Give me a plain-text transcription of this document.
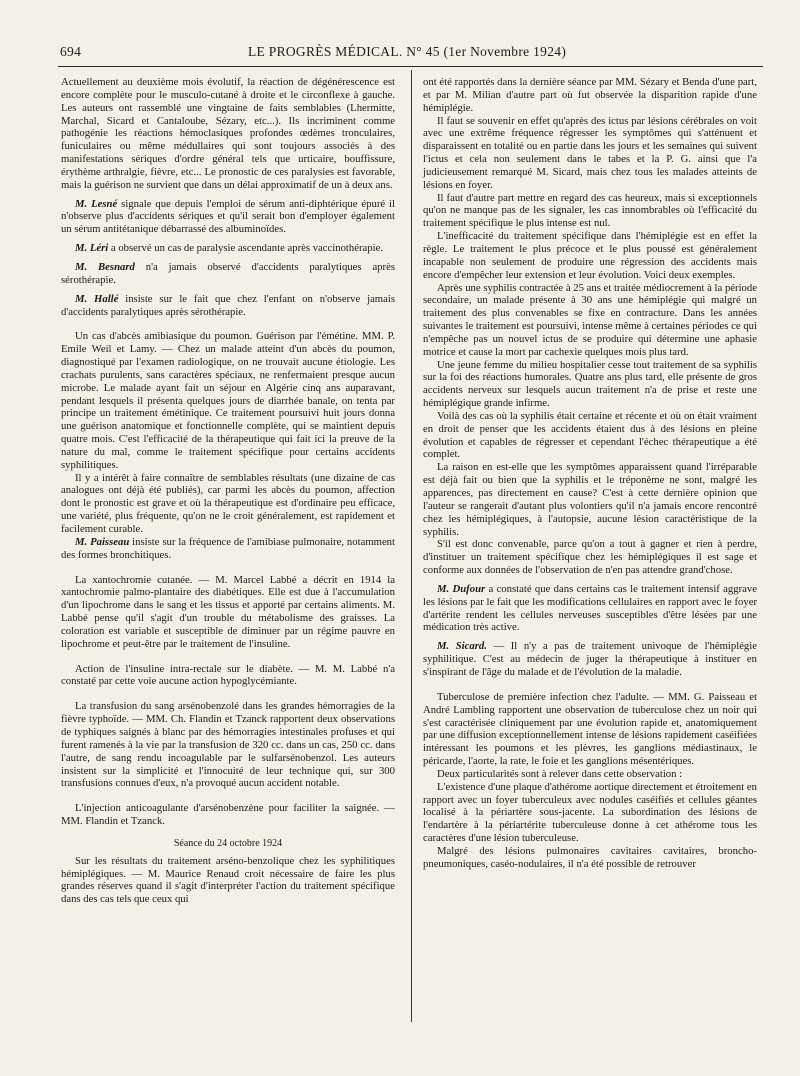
694	LE PROGRÈS MÉDICAL. N° 45 (1er Novembre 1924)

Actuellement au deuxième mois évolutif, la réaction de dégénérescence est encore complète pour le musculo-cutané à droite et le circonflexe à gauche. Les auteurs ont rassemblé une vingtaine de faits semblables (Lhermitte, Marchal, Sicard et Cantaloube, Sézary, etc...). Ils incriminent comme pathogénie les réactions hémoclasiques profondes œdèmes tronculaires, funiculaires ou même médullaires qui sont toujours associés à des manifestations sériques d'ordre général tels que urticaire, bouffissure, érythème arthralgie, fièvre, etc... Le pronostic de ces paralysies est favorable, mais la guérison ne survient que dans un délai approximatif de un à deux ans.

M. Lesné signale que depuis l'emploi de sérum anti-diphtérique épuré il n'observe plus d'accidents sériques et qu'il serait bon d'employer également un sérum antitétanique débarrassé des albuminoïdes.

M. Léri a observé un cas de paralysie ascendante après vaccinothérapie.

M. Besnard n'a jamais observé d'accidents paralytiques après sérothérapie.

M. Hallé insiste sur le fait que chez l'enfant on n'observe jamais d'accidents paralytiques après sérothérapie.

Un cas d'abcès amibiasique du poumon. Guérison par l'émétine. MM. P. Emile Weil et Lamy. — Chez un malade atteint d'un abcès du poumon, diagnostiqué par l'examen radiologique, on ne trouvait aucune étiologie. Les crachats purulents, sans caractères spéciaux, ne renfermaient presque aucun microbe. Le malade ayant fait un séjour en Algérie cinq ans auparavant, pendant lesquels il présenta quelques jours de diarrhée banale, on tenta par principe un traitement émétinique. Ce traitement poursuivi huit jours donna une guérison anatomique et fonctionnelle complète, qui se maintient depuis quatre mois. C'est l'efficacité de la thérapeutique qui fait ici la preuve de la nature du mal, comme le traitement spécifique pour certains accidents syphilitiques.

Il y a intérêt à faire connaître de semblables résultats (une dizaine de cas analogues ont déjà été publiés), car parmi les abcès du poumon, affection dont le pronostic est grave et où la thérapeutique est d'ordinaire peu efficace, une variété, plus fréquente, qu'on ne le croit généralement, est rapidement et facilement curable.

M. Paisseau insiste sur la fréquence de l'amibiase pulmonaire, notamment des formes bronchitiques.

La xantochromie cutanée. — M. Marcel Labbé a décrit en 1914 la xantochromie palmo-plantaire des diabétiques. Elle est due à l'accumulation d'un lipochrome dans le sang et les tissus et apporté par certains aliments. M. Labbé pense qu'il s'agit d'un trouble du métabolisme des graisses. La coloration est variable et susceptible de diminuer par un régime pauvre en lipochrome et peut-être par le traitement de l'insuline.

Action de l'insuline intra-rectale sur le diabète. — M. M. Labbé n'a constaté par cette voie aucune action hypoglycémiante.

La transfusion du sang arsénobenzolé dans les grandes hémorragies de la fièvre typhoïde. — MM. Ch. Flandin et Tzanck rapportent deux observations de typhiques saignés à blanc par des hémorragies intestinales profuses et qui furent ramenés à la vie par la transfusion de 320 cc. dans un cas, 250 cc. dans l'autre, de sang rendu incoagulable par le sulfarsénobenzol. Les auteurs insistent sur la simplicité et l'innocuité de leur technique qui, sur 300 transfusions connues d'eux, n'a provoqué aucun accident notable.

L'injection anticoagulante d'arsénobenzène pour faciliter la saignée. — MM. Flandin et Tzanck.

Séance du 24 octobre 1924

Sur les résultats du traitement arséno-benzolique chez les syphilitiques hémiplégiques. — M. Maurice Renaud croit nécessaire de faire les plus grandes réserves quand il s'agit d'interpréter l'action du traitement spécifique dans des cas tels que ceux qui

ont été rapportés dans la dernière séance par MM. Sézary et Benda d'une part, et par M. Milian d'autre part où fut observée la disparition rapide d'une hémiplégie.

Il faut se souvenir en effet qu'après des ictus par lésions cérébrales on voit avec une extrême fréquence régresser les symptômes qui s'atténuent et disparaissent en totalité ou en partie dans les jours et les semaines qui suivent l'ictus et cela non seulement dans le tabes et la P. G. ainsi que l'a judicieusement remarqué M. Sicard, mais chez tous les malades atteints de lésions en foyer.

Il faut d'autre part mettre en regard des cas heureux, mais si exceptionnels qu'on ne manque pas de les signaler, les cas innombrables où l'efficacité du traitement spécifique le plus intense est nul.

L'inefficacité du traitement spécifique dans l'hémiplégie est en effet la règle. Le traitement le plus précoce et le plus poussé est généralement incapable non seulement de produire une régression des accidents mais encore d'empêcher leur extension et leur évolution. Voici deux exemples.

Après une syphilis contractée à 25 ans et traitée médiocrement à la période secondaire, un malade présente à 30 ans une hémiplégie qui malgré un traitement des plus convenables se fixe en contracture. Dans les années suivantes le traitement est poursuivi, intense même à certaines périodes ce qui n'empêche pas un nouvel ictus de se produire qui détermine une aphasie motrice et cause la mort par cachexie quelques mois plus tard.

Une jeune femme du milieu hospitalier cesse tout traitement de sa syphilis sur la foi des réactions humorales. Quatre ans plus tard, elle présente de gros accidents nerveux sur lesquels aucun traitement n'a de prise et reste une hémiplégique grande infirme.

Voilà des cas où la syphilis était certaine et récente et où on était vraiment en droit de penser que les accidents étaient dus à des lésions en pleine évolution et capables de régresser et cependant l'échec thérapeutique a été complet.

La raison en est-elle que les symptômes apparaissent quand l'irréparable est déjà fait ou bien que la syphilis et le tréponème ne sont, malgré les apparences, pas directement en cause? C'est à cette dernière opinion que l'auteur se rangerait d'autant plus volontiers qu'il n'a jamais encore rencontré chez les hémiplégiques, à l'autopsie, aucune lésion caractéristique de la syphilis.

S'il est donc convenable, parce qu'on a tout à gagner et rien à perdre, d'instituer un traitement spécifique chez les hémiplégiques il est sage et conforme aux données de l'observation de n'en pas attendre grand'chose.

M. Dufour a constaté que dans certains cas le traitement intensif aggrave les lésions par le fait que les modifications cellulaires en rapport avec le foyer d'artérite rendent les cellules nerveuses susceptibles d'être lésées par une médication très active.

M. Sicard. — Il n'y a pas de traitement univoque de l'hémiplégie syphilitique. C'est au médecin de juger la thérapeutique à instituer en s'inspirant de l'âge du malade et de l'évolution de la maladie.

Tuberculose de première infection chez l'adulte. — MM. G. Paisseau et André Lambling rapportent une observation de tuberculose chez un noir qui s'est caractérisée cliniquement par une évolution rapide et, anatomiquement par une diffusion exceptionnellement intense de lésions rapidement caséifiées intéressant les poumons et les plèvres, les ganglions médiastinaux, le péricarde, l'aorte, la rate, le foie et les ganglions mésentériques.

Deux particularités sont à relever dans cette observation :

L'existence d'une plaque d'athérome aortique directement et étroitement en rapport avec un foyer tuberculeux avec nodules caséifiés et cellules géantes localisé à la périartère sous-jacente. La subordination des lésions de l'endartère à la périartérite tuberculeuse donne à cet athérome tous les caractères d'une lésion tuberculeuse.

Malgré des lésions pulmonaires cavitaires cavitaires, broncho-pneumoniques, caséo-nodulaires, il n'a été possible de retrouver
